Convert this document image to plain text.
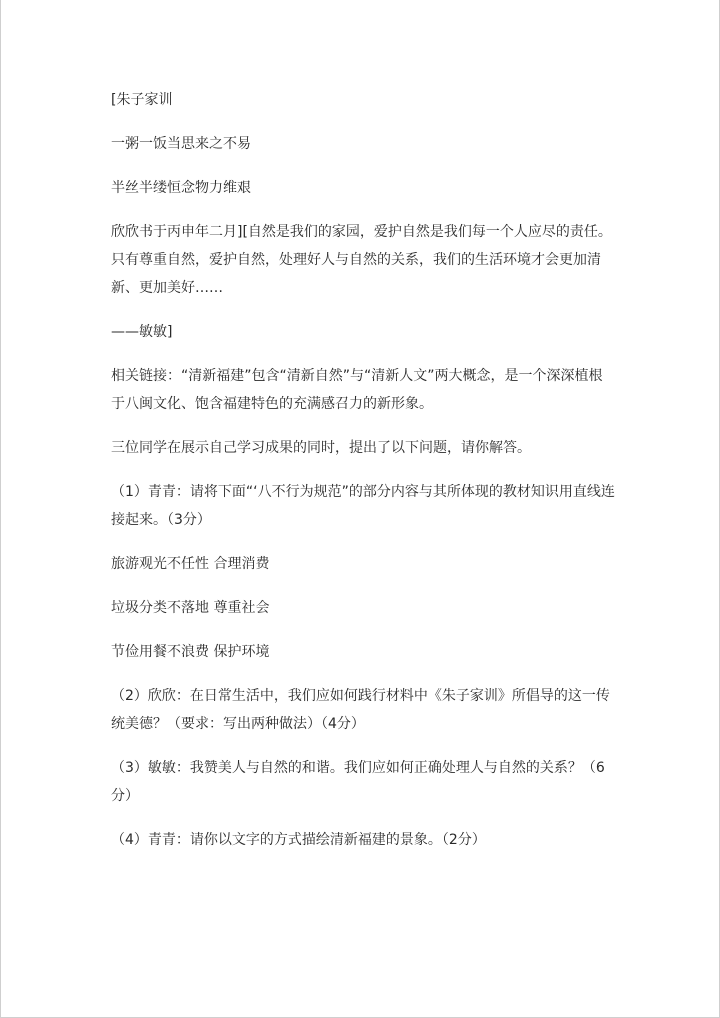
[朱子家训

一粥一饭当思来之不易

半丝半缕恒念物力维艰

欣欣书于丙申年二月][自然是我们的家园，爱护自然是我们每一个人应尽的责任。只有尊重自然，爱护自然，处理好人与自然的关系，我们的生活环境才会更加清新、更加美好……

——敏敏]

相关链接：“清新福建”包含“清新自然”与“清新人文”两大概念，是一个深深植根于八闽文化、饱含福建特色的充满感召力的新形象。

三位同学在展示自己学习成果的同时，提出了以下问题，请你解答。

（1）青青：请将下面“‘八不行为规范”的部分内容与其所体现的教材知识用直线连接起来。（3分）

旅游观光不任性 合理消费

垃圾分类不落地 尊重社会

节俭用餐不浪费 保护环境

（2）欣欣：在日常生活中，我们应如何践行材料中《朱子家训》所倡导的这一传统美德？（要求：写出两种做法）（4分）

（3）敏敏：我赞美人与自然的和谐。我们应如何正确处理人与自然的关系？（6分）

（4）青青：请你以文字的方式描绘清新福建的景象。（2分）
